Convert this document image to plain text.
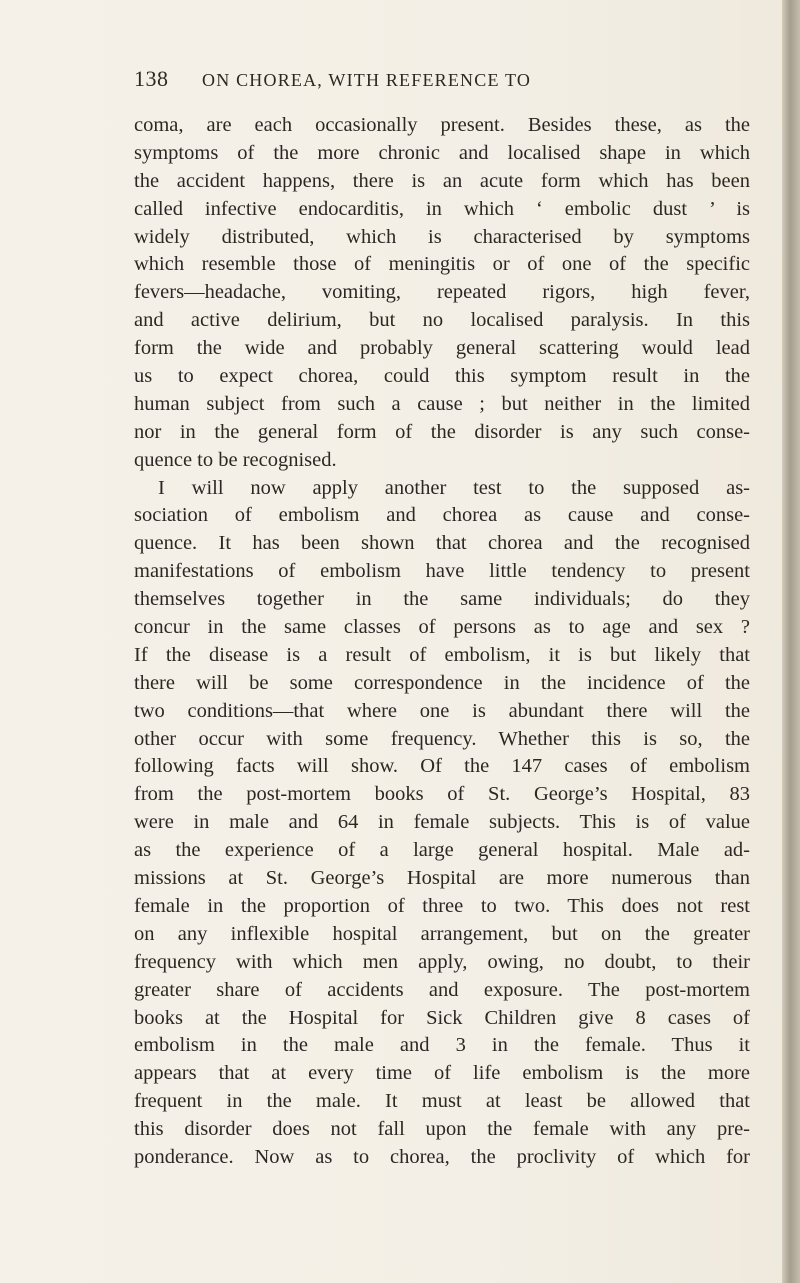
138 ON CHOREA, WITH REFERENCE TO
coma, are each occasionally present. Besides these, as the
symptoms of the more chronic and localised shape in which
the accident happens, there is an acute form which has been
called infective endocarditis, in which ‘ embolic dust ’ is
widely distributed, which is characterised by symptoms
which resemble those of meningitis or of one of the specific
fevers—headache, vomiting, repeated rigors, high fever,
and active delirium, but no localised paralysis. In this
form the wide and probably general scattering would lead
us to expect chorea, could this symptom result in the
human subject from such a cause ; but neither in the limited
nor in the general form of the disorder is any such conse-
quence to be recognised.
I will now apply another test to the supposed as-
sociation of embolism and chorea as cause and conse-
quence. It has been shown that chorea and the recognised
manifestations of embolism have little tendency to present
themselves together in the same individuals; do they
concur in the same classes of persons as to age and sex ?
If the disease is a result of embolism, it is but likely that
there will be some correspondence in the incidence of the
two conditions—that where one is abundant there will the
other occur with some frequency. Whether this is so, the
following facts will show. Of the 147 cases of embolism
from the post-mortem books of St. George’s Hospital, 83
were in male and 64 in female subjects. This is of value
as the experience of a large general hospital. Male ad-
missions at St. George’s Hospital are more numerous than
female in the proportion of three to two. This does not rest
on any inflexible hospital arrangement, but on the greater
frequency with which men apply, owing, no doubt, to their
greater share of accidents and exposure. The post-mortem
books at the Hospital for Sick Children give 8 cases of
embolism in the male and 3 in the female. Thus it
appears that at every time of life embolism is the more
frequent in the male. It must at least be allowed that
this disorder does not fall upon the female with any pre-
ponderance. Now as to chorea, the proclivity of which for
